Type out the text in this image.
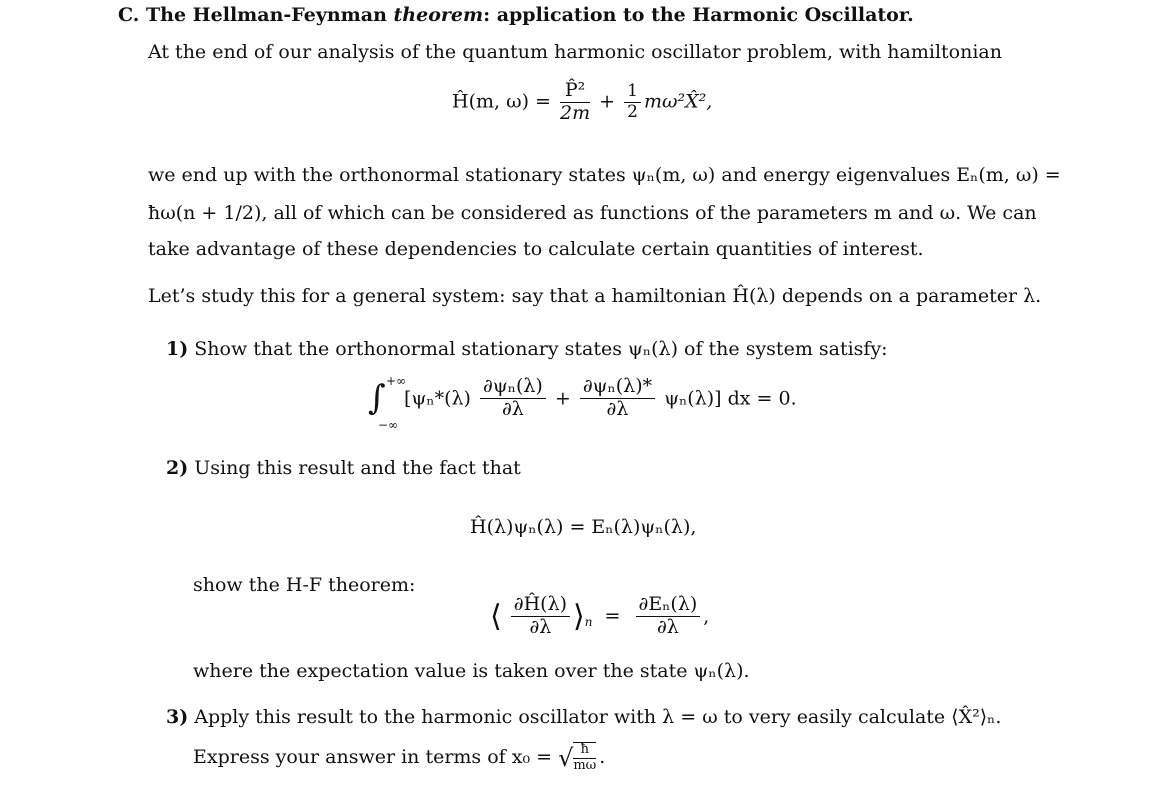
C. The Hellman-Feynman theorem: application to the Harmonic Oscillator.
At the end of our analysis of the quantum harmonic oscillator problem, with hamiltonian
Ĥ(m, $\omega) = \frac{\text{P̂²}}{2m} + \frac{1}{2}$ mω²X̂²,
we end up with the orthonormal stationary states ψₙ(m, ω) and energy eigenvalues Eₙ(m, ω) =
ħω(n + 1/2), all of which can be considered as functions of the parameters m and ω. We can
take advantage of these dependencies to calculate certain quantities of interest.
Let’s study this for a general system: say that a hamiltonian Ĥ(λ) depends on a parameter λ.
1) Show that the orthonormal stationary states ψₙ(λ) of the system satisfy:
∫ +∞
−∞
$[\psi_n*(\lambda) \frac{\text{∂ψₙ(λ)}}{\partial\lambda} + \frac{\text{∂ψₙ(λ)*}}{\partial\lambda} \psi_n(\lambda)]$ dx = 0.
2) Using this result and the fact that
Ĥ(λ)ψₙ(λ) = Eₙ(λ)ψₙ(λ),
show the H-F theorem:
⟨ $\frac{\partial Ĥ(\lambda)}{\partial\lambda}$ $⟩_n = \frac{\text{∂Eₙ(λ)}}{\partial\lambda}$ ,
where the expectation value is taken over the state ψₙ(λ).
3) Apply this result to the harmonic oscillator with λ = ω to very easily calculate ⟨X̂²⟩ₙ.
Express your answer in terms of x₀ = √ $\frac{ħ}{m\omega}$ .
